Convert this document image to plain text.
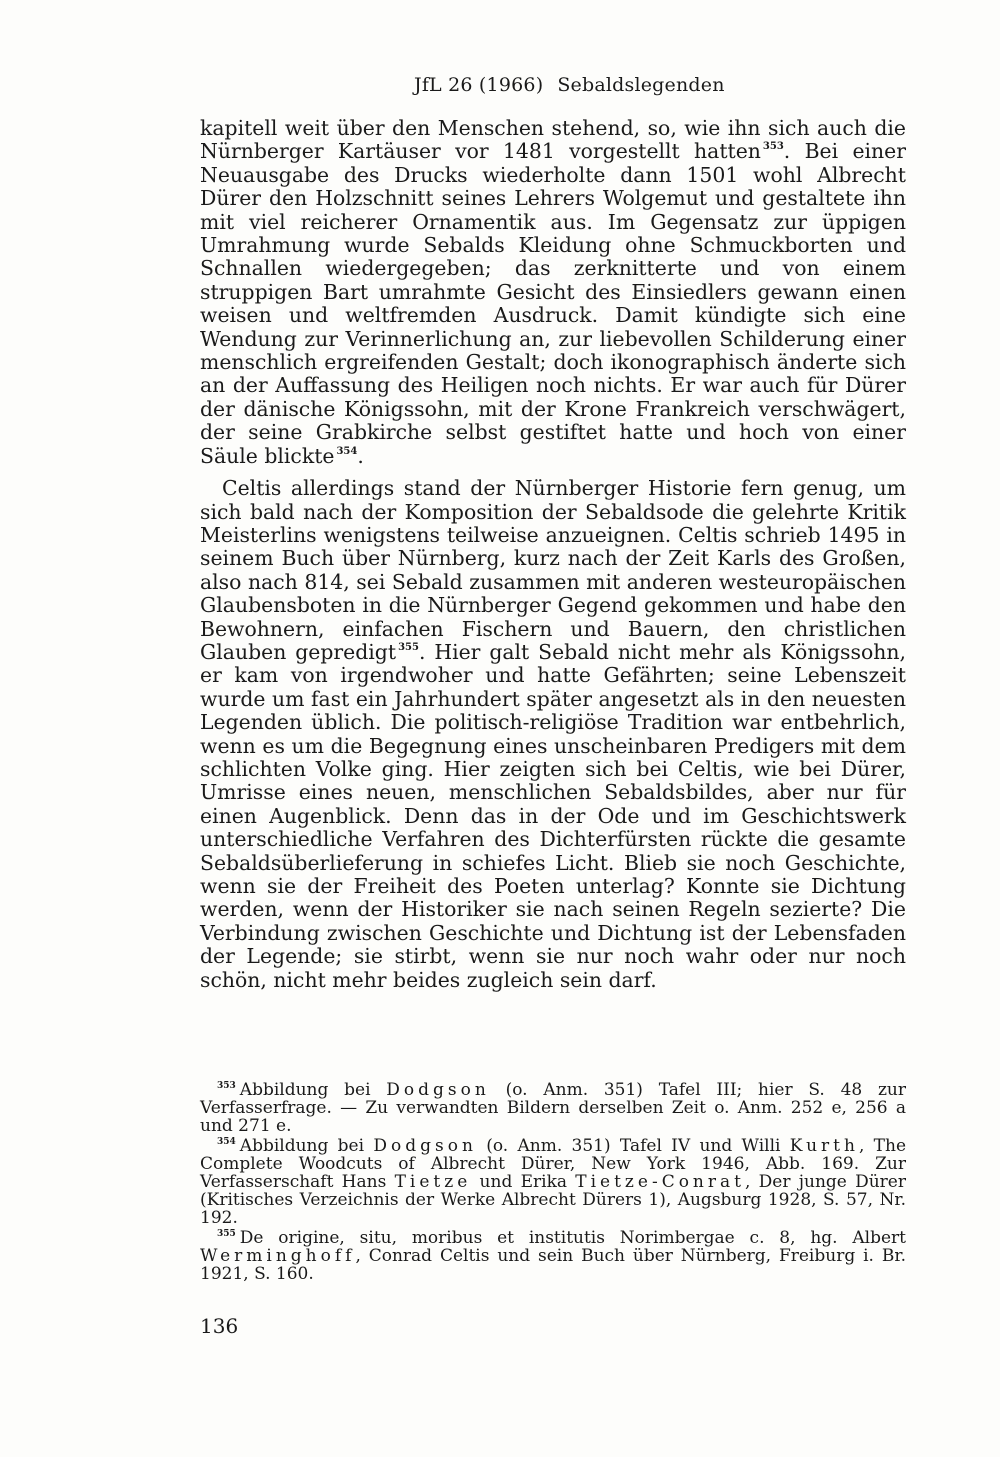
JfL 26 (1966) Sebaldslegenden

kapitell weit über den Menschen stehend, so, wie ihn sich auch die Nürnberger Kartäuser vor 1481 vorgestellt hatten $^{353}$. Bei einer Neuausgabe des Drucks wiederholte dann 1501 wohl Albrecht Dürer den Holzschnitt seines Lehrers Wolgemut und gestaltete ihn mit viel reicherer Ornamentik aus. Im Gegensatz zur üppigen Umrahmung wurde Sebalds Kleidung ohne Schmuckborten und Schnallen wiedergegeben; das zerknitterte und von einem struppigen Bart umrahmte Gesicht des Einsiedlers gewann einen weisen und weltfremden Ausdruck. Damit kündigte sich eine Wendung zur Verinnerlichung an, zur liebevollen Schilderung einer menschlich ergreifenden Gestalt; doch ikonographisch änderte sich an der Auffassung des Heiligen noch nichts. Er war auch für Dürer der dänische Königssohn, mit der Krone Frankreich verschwägert, der seine Grabkirche selbst gestiftet hatte und hoch von einer Säule blickte $^{354}$.

Celtis allerdings stand der Nürnberger Historie fern genug, um sich bald nach der Komposition der Sebaldsode die gelehrte Kritik Meisterlins wenigstens teilweise anzueignen. Celtis schrieb 1495 in seinem Buch über Nürnberg, kurz nach der Zeit Karls des Großen, also nach 814, sei Sebald zusammen mit anderen westeuropäischen Glaubensboten in die Nürnberger Gegend gekommen und habe den Bewohnern, einfachen Fischern und Bauern, den christlichen Glauben gepredigt $^{355}$. Hier galt Sebald nicht mehr als Königssohn, er kam von irgendwoher und hatte Gefährten; seine Lebenszeit wurde um fast ein Jahrhundert später angesetzt als in den neuesten Legenden üblich. Die politisch-religiöse Tradition war entbehrlich, wenn es um die Begegnung eines unscheinbaren Predigers mit dem schlichten Volke ging. Hier zeigten sich bei Celtis, wie bei Dürer, Umrisse eines neuen, menschlichen Sebaldsbildes, aber nur für einen Augenblick. Denn das in der Ode und im Geschichtswerk unterschiedliche Verfahren des Dichterfürsten rückte die gesamte Sebaldsüberlieferung in schiefes Licht. Blieb sie noch Geschichte, wenn sie der Freiheit des Poeten unterlag? Konnte sie Dichtung werden, wenn der Historiker sie nach seinen Regeln sezierte? Die Verbindung zwischen Geschichte und Dichtung ist der Lebensfaden der Legende; sie stirbt, wenn sie nur noch wahr oder nur noch schön, nicht mehr beides zugleich sein darf.

$^{353}$ Abbildung bei Dodgson (o. Anm. 351) Tafel III; hier S. 48 zur Verfasserfrage. — Zu verwandten Bildern derselben Zeit o. Anm. 252 e, 256 a und 271 e.

$^{354}$ Abbildung bei Dodgson (o. Anm. 351) Tafel IV und Willi Kurth, The Complete Woodcuts of Albrecht Dürer, New York 1946, Abb. 169. Zur Verfasserschaft Hans Tietze und Erika Tietze-Conrat, Der junge Dürer (Kritisches Verzeichnis der Werke Albrecht Dürers 1), Augsburg 1928, S. 57, Nr. 192.

$^{355}$ De origine, situ, moribus et institutis Norimbergae c. 8, hg. Albert Werminghoff, Conrad Celtis und sein Buch über Nürnberg, Freiburg i. Br. 1921, S. 160.

136
